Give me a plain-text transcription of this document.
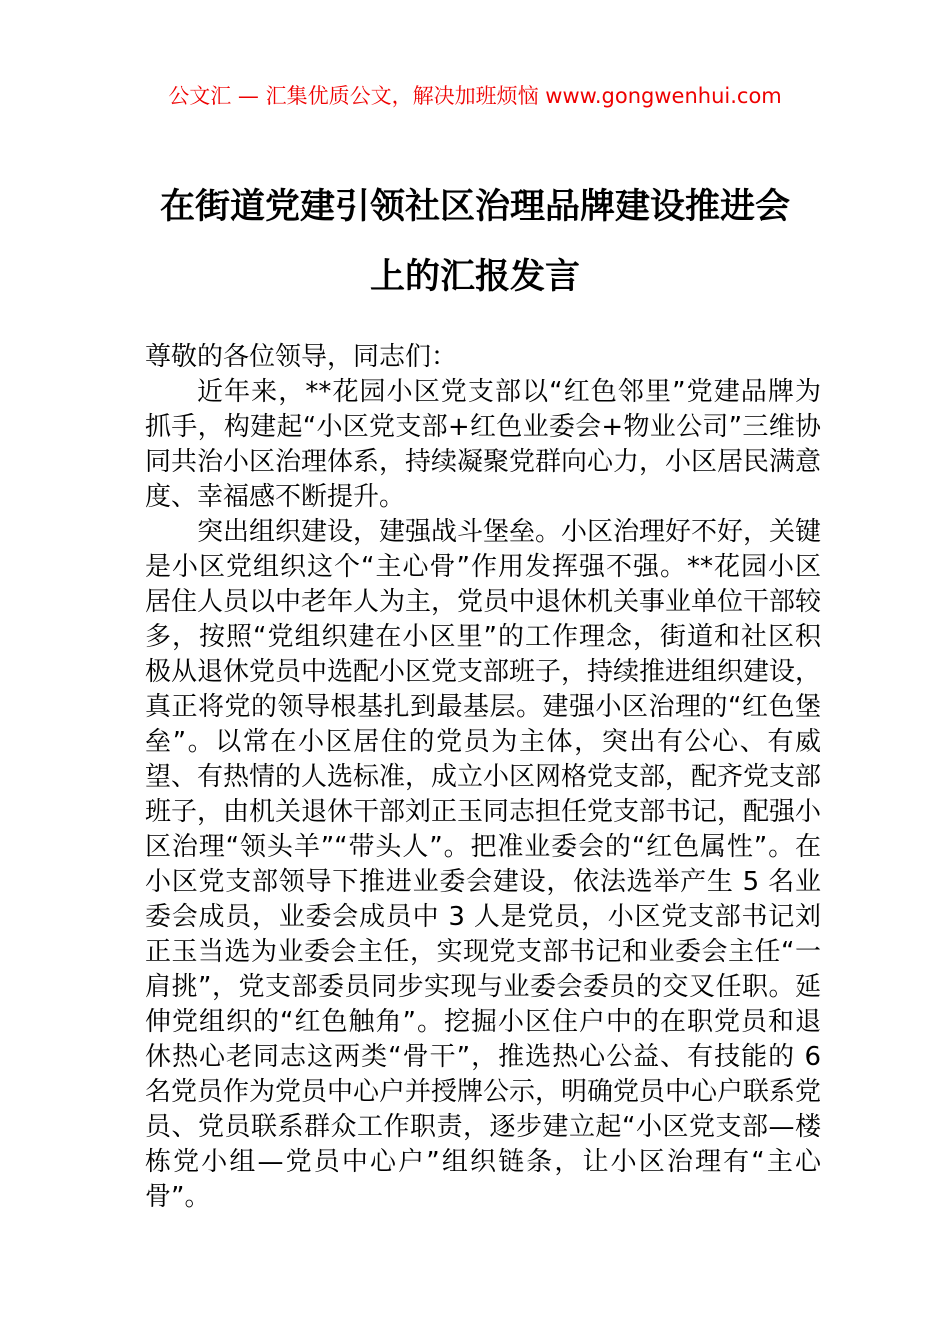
公文汇 — 汇集优质公文，解决加班烦恼 www.gongwenhui.com
在街道党建引领社区治理品牌建设推进会
上的汇报发言

尊敬的各位领导，同志们：

近年来，**花园小区党支部以“红色邻里”党建品牌为抓手，构建起“小区党支部+红色业委会+物业公司”三维协同共治小区治理体系，持续凝聚党群向心力，小区居民满意度、幸福感不断提升。

突出组织建设，建强战斗堡垒。小区治理好不好，关键是小区党组织这个“主心骨”作用发挥强不强。**花园小区居住人员以中老年人为主，党员中退休机关事业单位干部较多，按照“党组织建在小区里”的工作理念，街道和社区积极从退休党员中选配小区党支部班子，持续推进组织建设，真正将党的领导根基扎到最基层。建强小区治理的“红色堡垒”。以常在小区居住的党员为主体，突出有公心、有威望、有热情的人选标准，成立小区网格党支部，配齐党支部班子，由机关退休干部刘正玉同志担任党支部书记，配强小区治理“领头羊”“带头人”。把准业委会的“红色属性”。在小区党支部领导下推进业委会建设，依法选举产生 5 名业委会成员，业委会成员中 3 人是党员，小区党支部书记刘正玉当选为业委会主任，实现党支部书记和业委会主任“一肩挑”，党支部委员同步实现与业委会委员的交叉任职。延伸党组织的“红色触角”。挖掘小区住户中的在职党员和退休热心老同志这两类“骨干”，推选热心公益、有技能的 6 名党员作为党员中心户并授牌公示，明确党员中心户联系党员、党员联系群众工作职责，逐步建立起“小区党支部—楼栋党小组—党员中心户”组织链条，让小区治理有“主心骨”。
